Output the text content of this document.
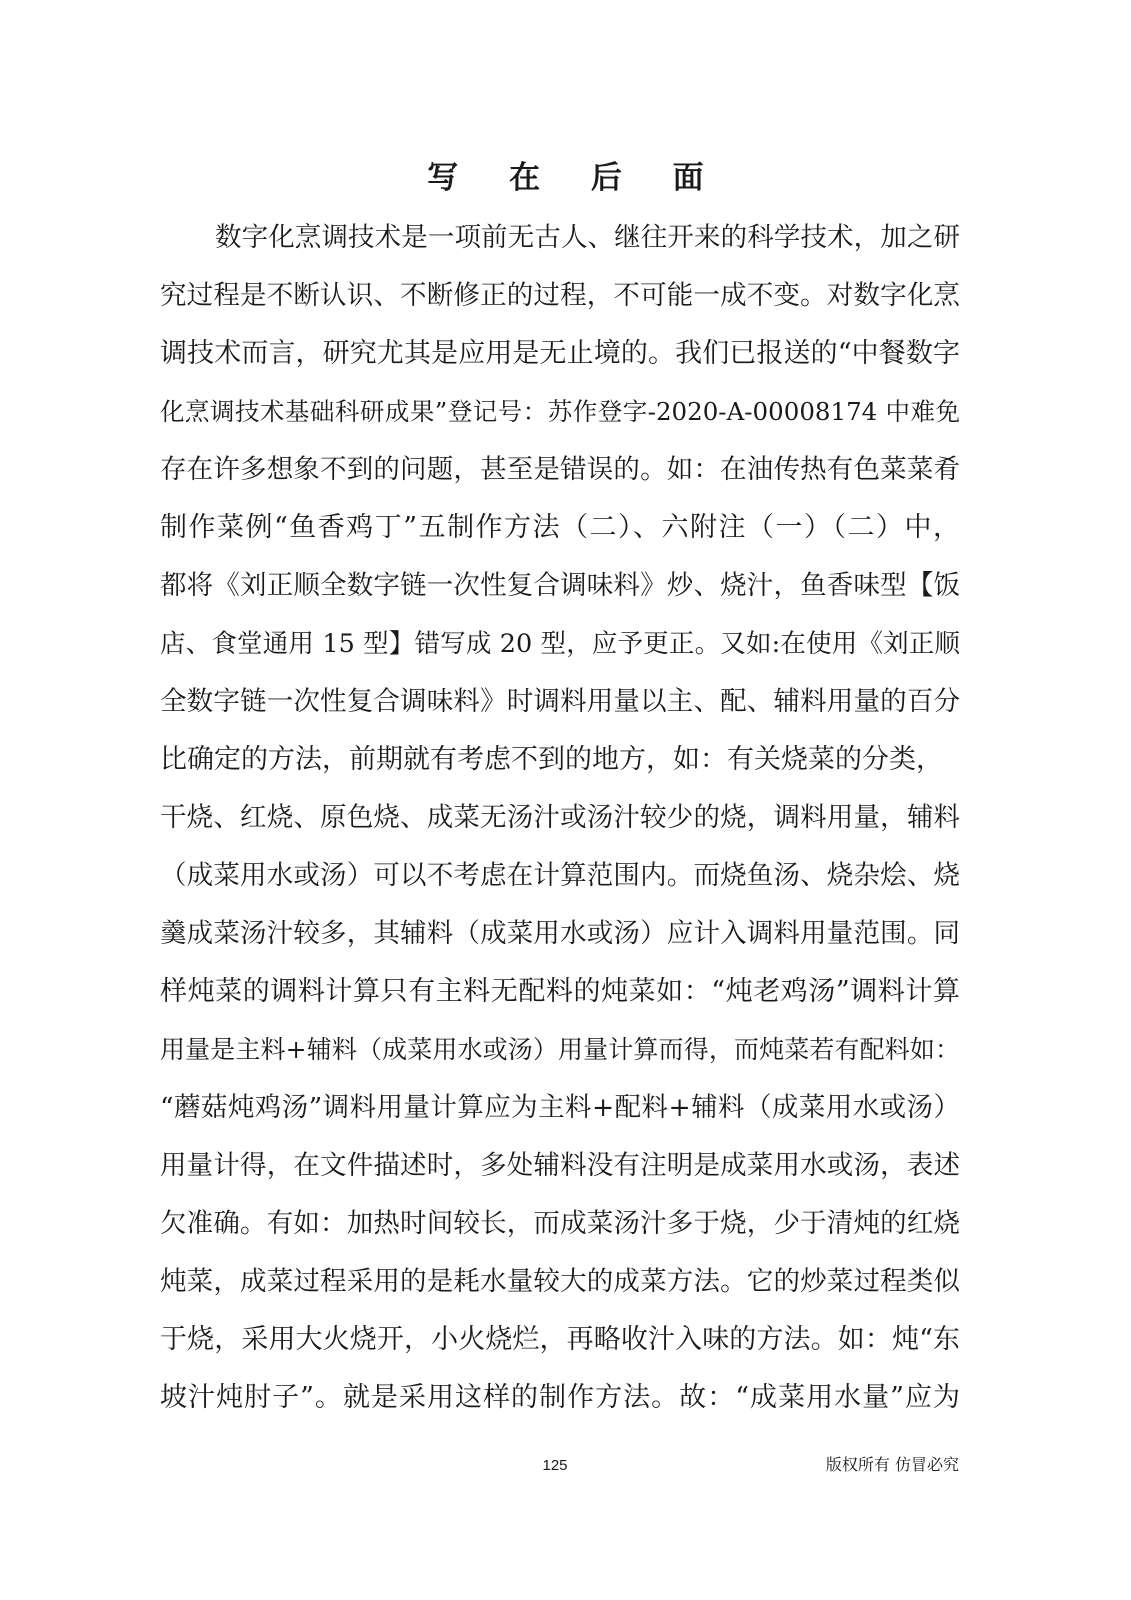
写 在 后 面

数字化烹调技术是一项前无古人、继往开来的科学技术，加之研

究过程是不断认识、不断修正的过程，不可能一成不变。对数字化烹

调技术而言，研究尤其是应用是无止境的。我们已报送的“中餐数字

化烹调技术基础科研成果”登记号：苏作登字-2020-A-00008174 中难免

存在许多想象不到的问题，甚至是错误的。如：在油传热有色菜菜肴

制作菜例“鱼香鸡丁”五制作方法（二）、六附注（一）（二）中，

都将《刘正顺全数字链一次性复合调味料》炒、烧汁，鱼香味型【饭

店、食堂通用 15 型】错写成 20 型，应予更正。又如:在使用《刘正顺

全数字链一次性复合调味料》时调料用量以主、配、辅料用量的百分

比确定的方法，前期就有考虑不到的地方，如：有关烧菜的分类，

干烧、红烧、原色烧、成菜无汤汁或汤汁较少的烧，调料用量，辅料

（成菜用水或汤）可以不考虑在计算范围内。而烧鱼汤、烧杂烩、烧

羹成菜汤汁较多，其辅料（成菜用水或汤）应计入调料用量范围。同

样炖菜的调料计算只有主料无配料的炖菜如：“炖老鸡汤”调料计算

用量是主料+辅料（成菜用水或汤）用量计算而得，而炖菜若有配料如：

“蘑菇炖鸡汤”调料用量计算应为主料+配料+辅料（成菜用水或汤）

用量计得，在文件描述时，多处辅料没有注明是成菜用水或汤，表述

欠准确。有如：加热时间较长，而成菜汤汁多于烧，少于清炖的红烧

炖菜，成菜过程采用的是耗水量较大的成菜方法。它的炒菜过程类似

于烧，采用大火烧开，小火烧烂，再略收汁入味的方法。如：炖“东

坡汁炖肘子”。就是采用这样的制作方法。故：“成菜用水量”应为

125	版权所有 仿冒必究
